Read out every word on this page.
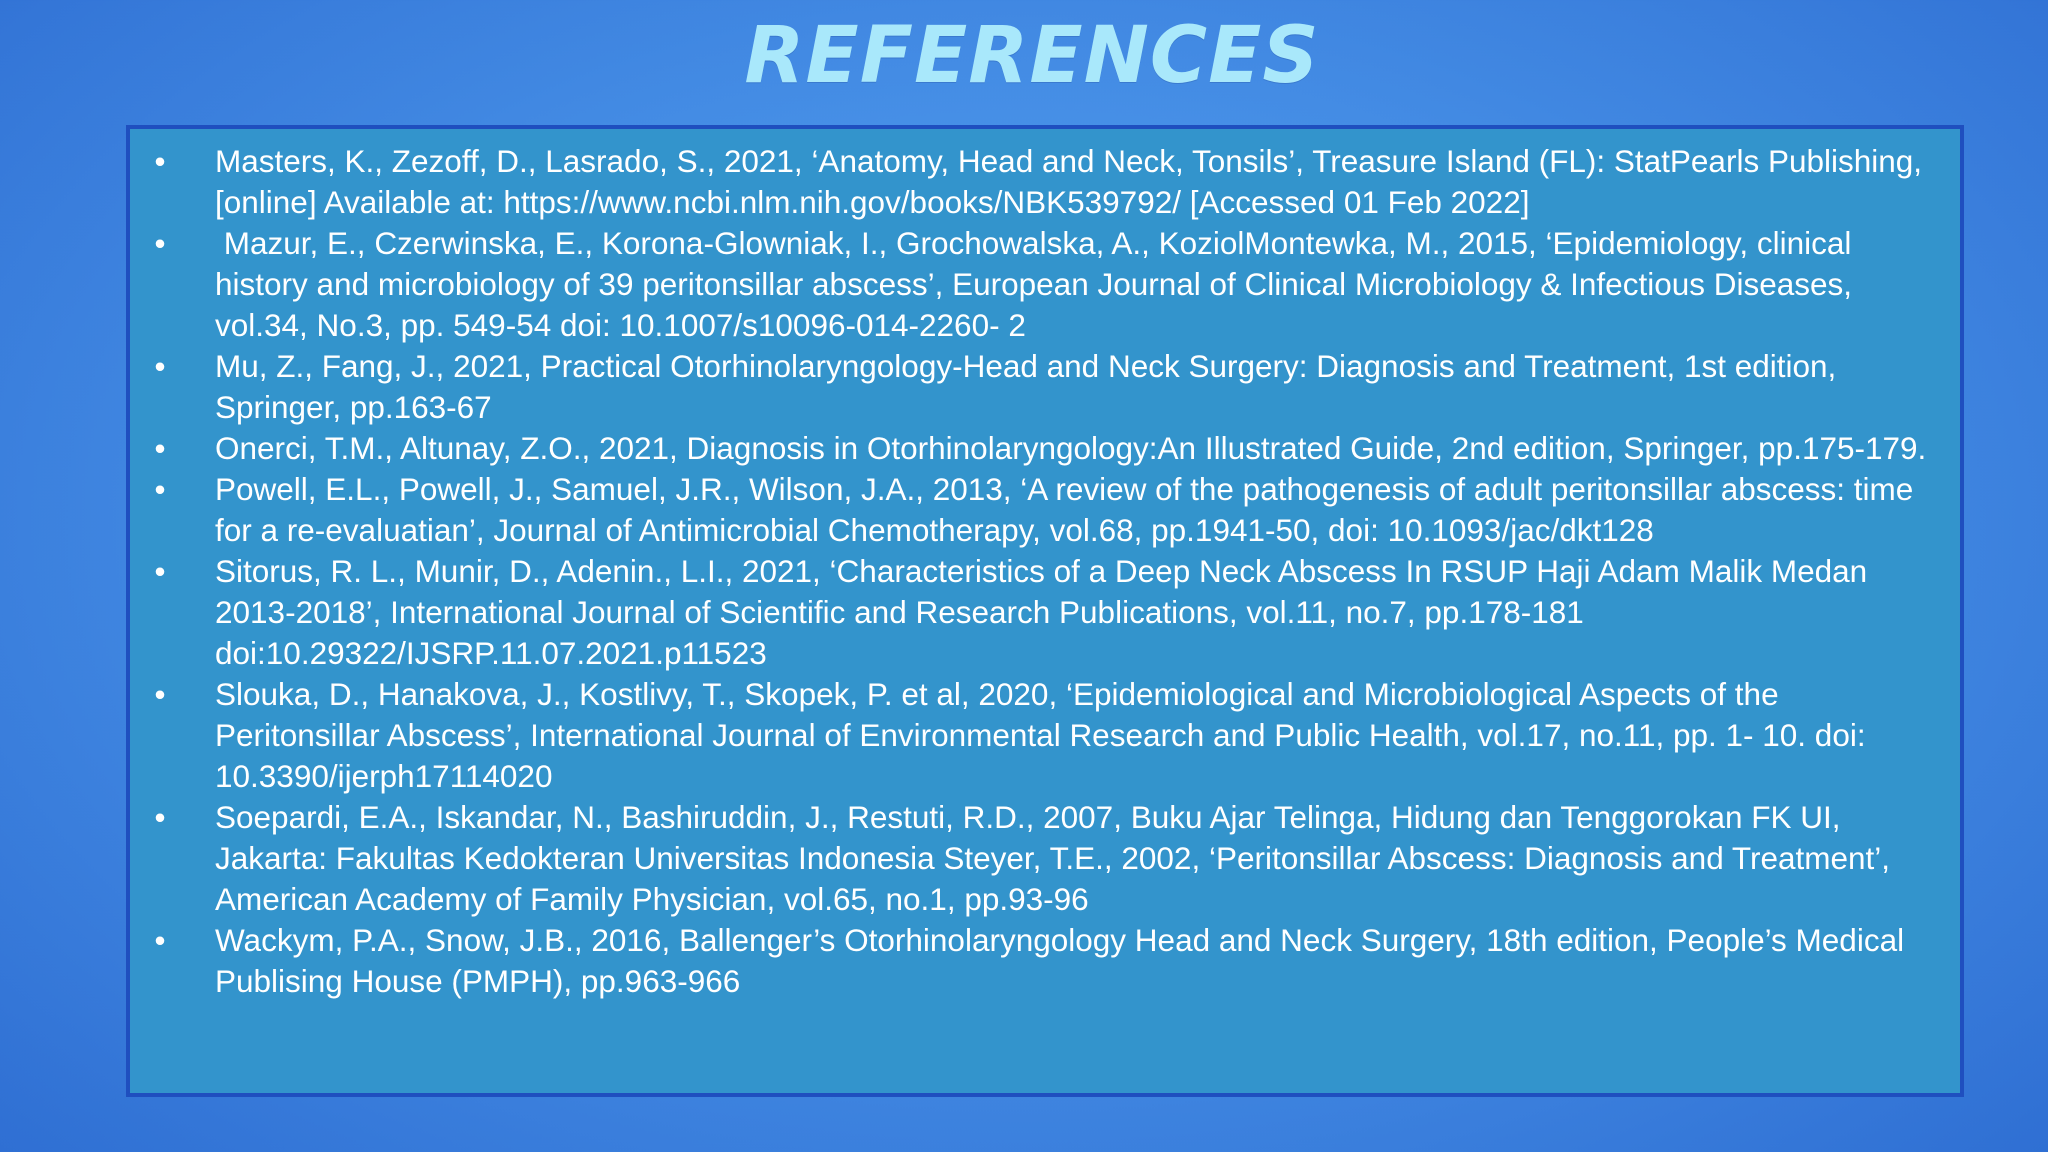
REFERENCES
• Masters, K., Zezoff, D., Lasrado, S., 2021, ‘Anatomy, Head and Neck, Tonsils’, Treasure Island (FL): StatPearls Publishing, [online] Available at: https://www.ncbi.nlm.nih.gov/books/NBK539792/ [Accessed 01 Feb 2022]
• Mazur, E., Czerwinska, E., Korona-Glowniak, I., Grochowalska, A., KoziolMontewka, M., 2015, ‘Epidemiology, clinical history and microbiology of 39 peritonsillar abscess’, European Journal of Clinical Microbiology & Infectious Diseases, vol.34, No.3, pp. 549-54 doi: 10.1007/s10096-014-2260- 2
• Mu, Z., Fang, J., 2021, Practical Otorhinolaryngology-Head and Neck Surgery: Diagnosis and Treatment, 1st edition, Springer, pp.163-67
• Onerci, T.M., Altunay, Z.O., 2021, Diagnosis in Otorhinolaryngology:An Illustrated Guide, 2nd edition, Springer, pp.175-179.
• Powell, E.L., Powell, J., Samuel, J.R., Wilson, J.A., 2013, ‘A review of the pathogenesis of adult peritonsillar abscess: time for a re-evaluatian’, Journal of Antimicrobial Chemotherapy, vol.68, pp.1941-50, doi: 10.1093/jac/dkt128
• Sitorus, R. L., Munir, D., Adenin., L.I., 2021, ‘Characteristics of a Deep Neck Abscess In RSUP Haji Adam Malik Medan 2013-2018’, International Journal of Scientific and Research Publications, vol.11, no.7, pp.178-181 doi:10.29322/IJSRP.11.07.2021.p11523
• Slouka, D., Hanakova, J., Kostlivy, T., Skopek, P. et al, 2020, ‘Epidemiological and Microbiological Aspects of the Peritonsillar Abscess’, International Journal of Environmental Research and Public Health, vol.17, no.11, pp. 1- 10. doi: 10.3390/ijerph17114020
• Soepardi, E.A., Iskandar, N., Bashiruddin, J., Restuti, R.D., 2007, Buku Ajar Telinga, Hidung dan Tenggorokan FK UI, Jakarta: Fakultas Kedokteran Universitas Indonesia Steyer, T.E., 2002, ‘Peritonsillar Abscess: Diagnosis and Treatment’, American Academy of Family Physician, vol.65, no.1, pp.93-96
• Wackym, P.A., Snow, J.B., 2016, Ballenger’s Otorhinolaryngology Head and Neck Surgery, 18th edition, People’s Medical Publising House (PMPH), pp.963-966
